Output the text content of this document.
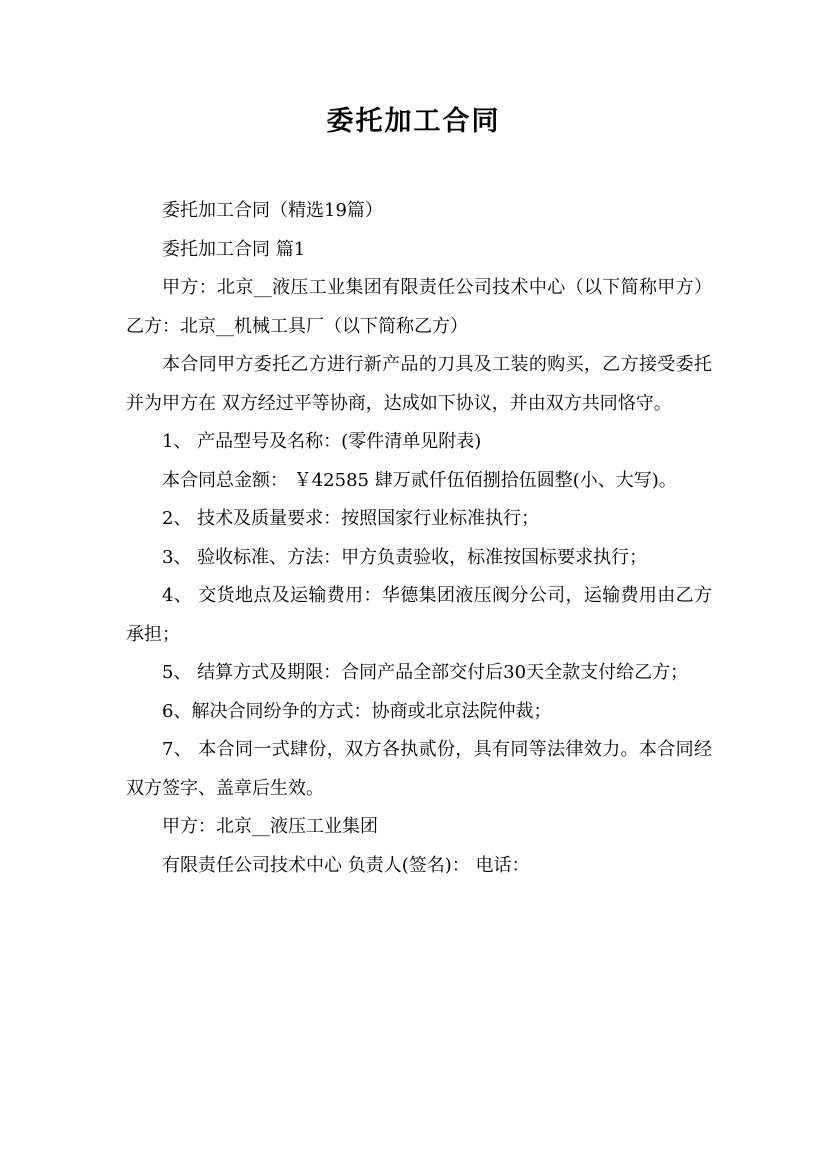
委托加工合同

委托加工合同（精选19篇）

委托加工合同 篇1

甲方：北京__液压工业集团有限责任公司技术中心（以下简称甲方） 乙方：北京__机械工具厂（以下简称乙方）

本合同甲方委托乙方进行新产品的刀具及工装的购买，乙方接受委托并为甲方在 双方经过平等协商，达成如下协议，并由双方共同恪守。

1、 产品型号及名称：(零件清单见附表)

本合同总金额： ￥42585 肆万贰仟伍佰捌拾伍圆整(小、大写)。

2、 技术及质量要求：按照国家行业标准执行；

3、 验收标准、方法：甲方负责验收，标准按国标要求执行；

4、 交货地点及运输费用：华德集团液压阀分公司，运输费用由乙方承担；

5、 结算方式及期限：合同产品全部交付后30天全款支付给乙方；

6、解决合同纷争的方式：协商或北京法院仲裁；

7、 本合同一式肆份，双方各执贰份，具有同等法律效力。本合同经双方签字、盖章后生效。

甲方：北京__液压工业集团

有限责任公司技术中心 负责人(签名)： 电话：
